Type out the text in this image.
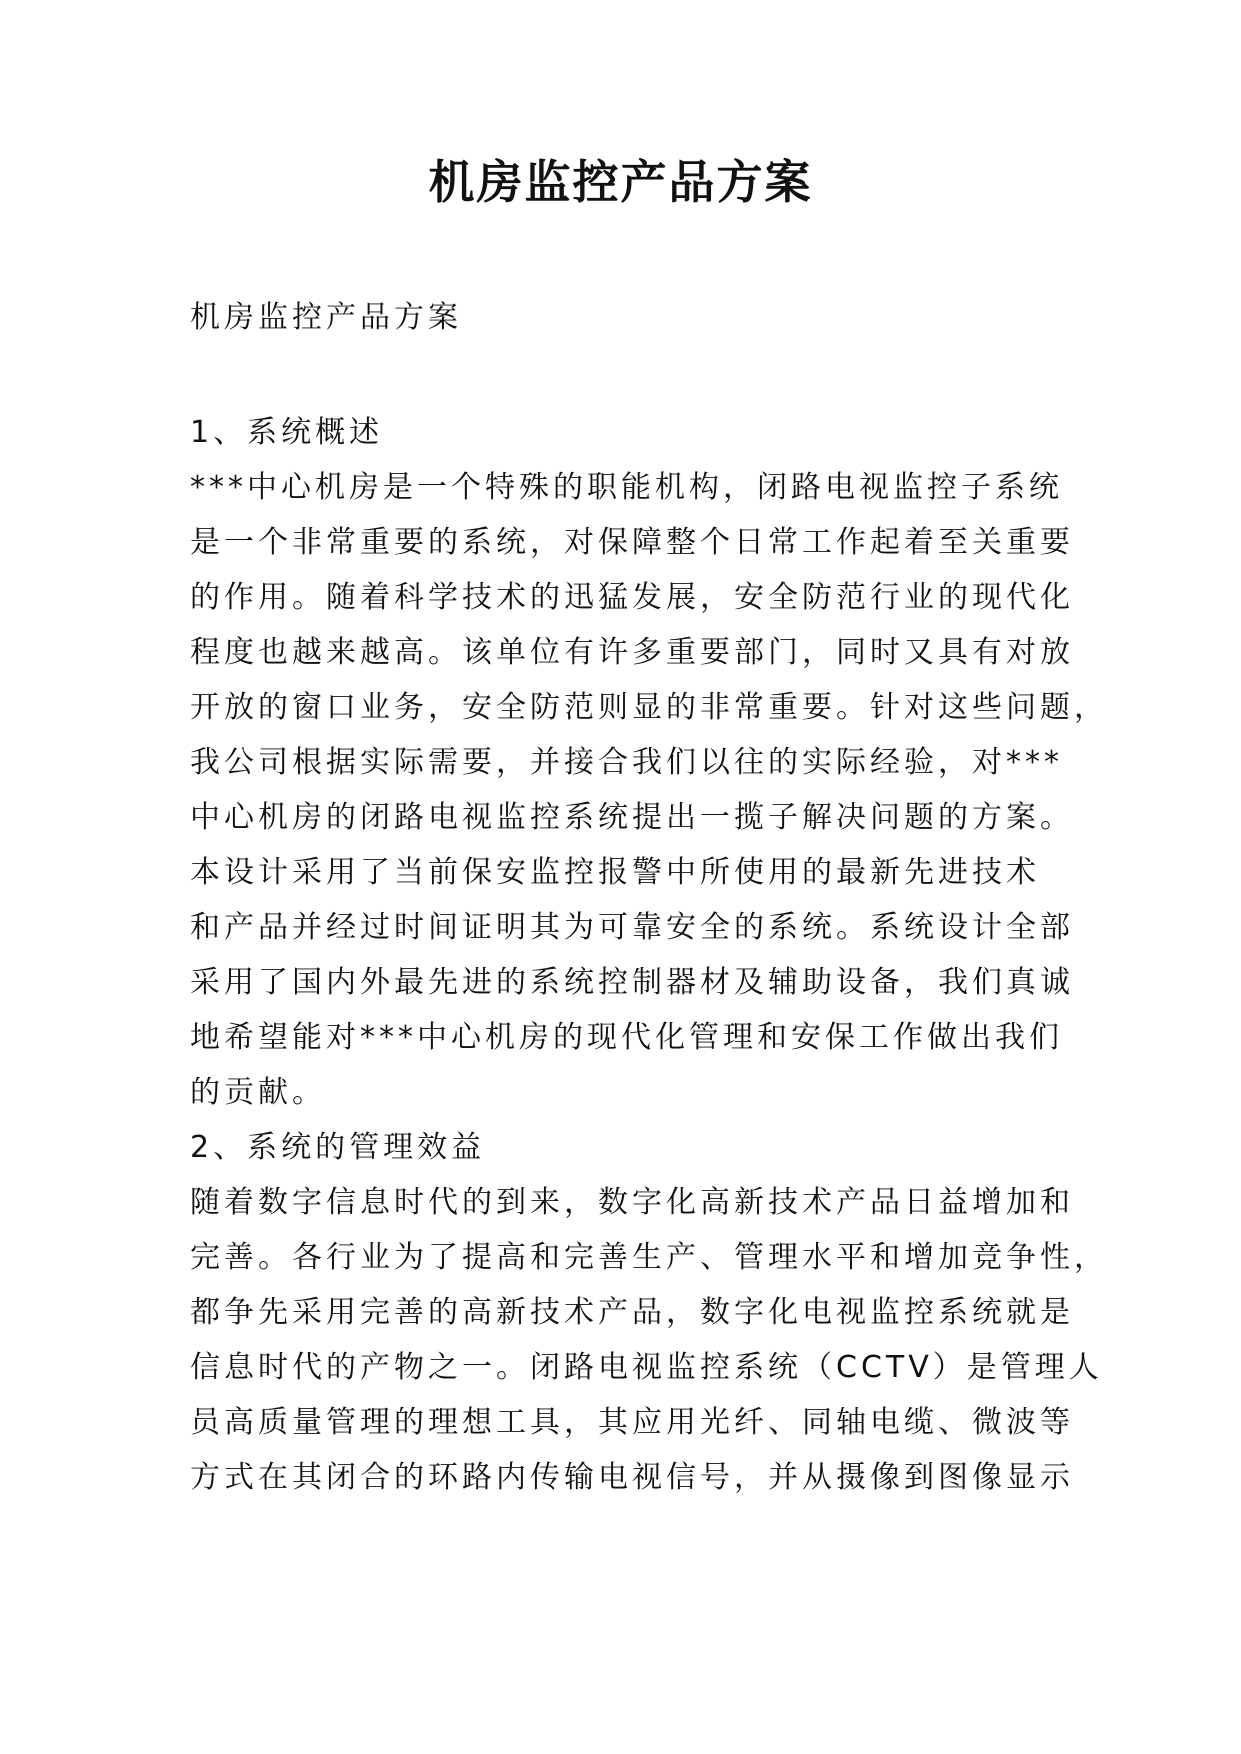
机房监控产品方案

机房监控产品方案

1、系统概述
***中心机房是一个特殊的职能机构，闭路电视监控子系统
是一个非常重要的系统，对保障整个日常工作起着至关重要
的作用。随着科学技术的迅猛发展，安全防范行业的现代化
程度也越来越高。该单位有许多重要部门，同时又具有对放
开放的窗口业务，安全防范则显的非常重要。针对这些问题，
我公司根据实际需要，并接合我们以往的实际经验，对***
中心机房的闭路电视监控系统提出一揽子解决问题的方案。
本设计采用了当前保安监控报警中所使用的最新先进技术
和产品并经过时间证明其为可靠安全的系统。系统设计全部
采用了国内外最先进的系统控制器材及辅助设备，我们真诚
地希望能对***中心机房的现代化管理和安保工作做出我们
的贡献。
2、系统的管理效益
随着数字信息时代的到来，数字化高新技术产品日益增加和
完善。各行业为了提高和完善生产、管理水平和增加竞争性，
都争先采用完善的高新技术产品，数字化电视监控系统就是
信息时代的产物之一。闭路电视监控系统（CCTV）是管理人
员高质量管理的理想工具，其应用光纤、同轴电缆、微波等
方式在其闭合的环路内传输电视信号，并从摄像到图像显示
